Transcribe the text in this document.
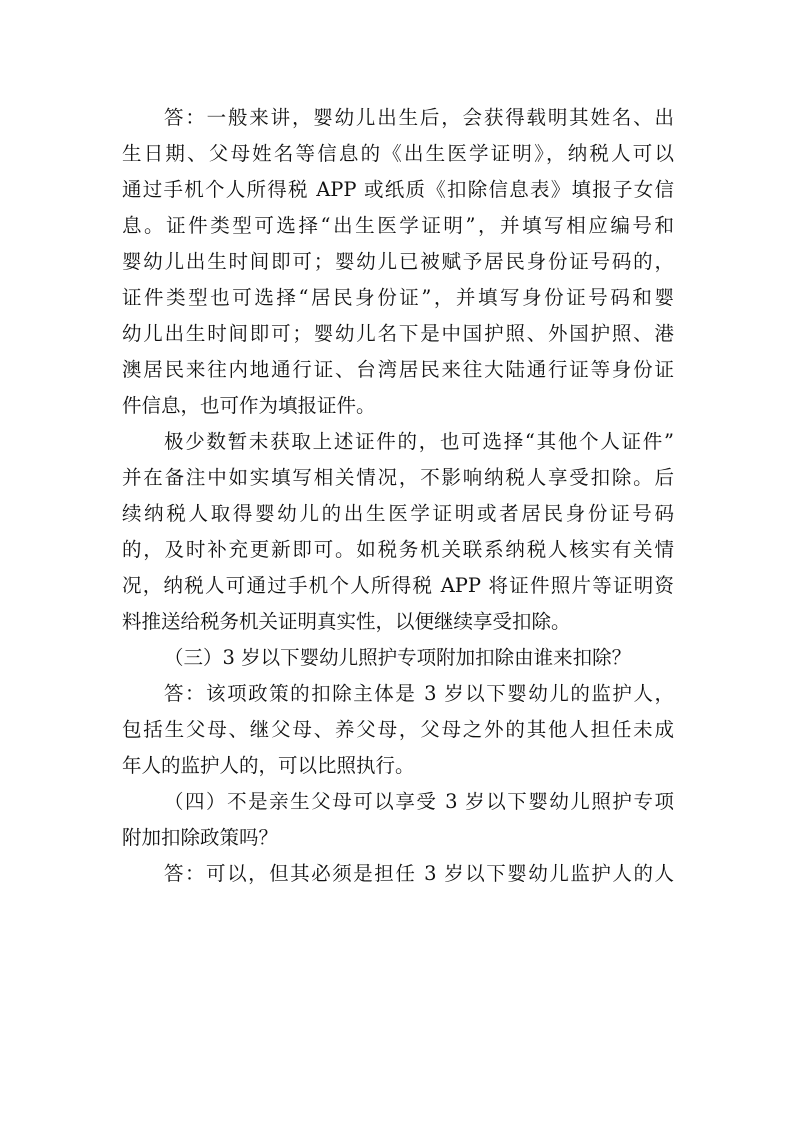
答：一般来讲，婴幼儿出生后，会获得载明其姓名、出
生日期、父母姓名等信息的《出生医学证明》，纳税人可以
通过手机个人所得税 APP 或纸质《扣除信息表》填报子女信
息。证件类型可选择“出生医学证明”，并填写相应编号和
婴幼儿出生时间即可；婴幼儿已被赋予居民身份证号码的，
证件类型也可选择“居民身份证”，并填写身份证号码和婴
幼儿出生时间即可；婴幼儿名下是中国护照、外国护照、港
澳居民来往内地通行证、台湾居民来往大陆通行证等身份证
件信息，也可作为填报证件。
极少数暂未获取上述证件的，也可选择“其他个人证件”
并在备注中如实填写相关情况，不影响纳税人享受扣除。后
续纳税人取得婴幼儿的出生医学证明或者居民身份证号码
的，及时补充更新即可。如税务机关联系纳税人核实有关情
况，纳税人可通过手机个人所得税 APP 将证件照片等证明资
料推送给税务机关证明真实性，以便继续享受扣除。
（三）3 岁以下婴幼儿照护专项附加扣除由谁来扣除？
答：该项政策的扣除主体是 3 岁以下婴幼儿的监护人，
包括生父母、继父母、养父母，父母之外的其他人担任未成
年人的监护人的，可以比照执行。
（四）不是亲生父母可以享受 3 岁以下婴幼儿照护专项
附加扣除政策吗？
答：可以，但其必须是担任 3 岁以下婴幼儿监护人的人
